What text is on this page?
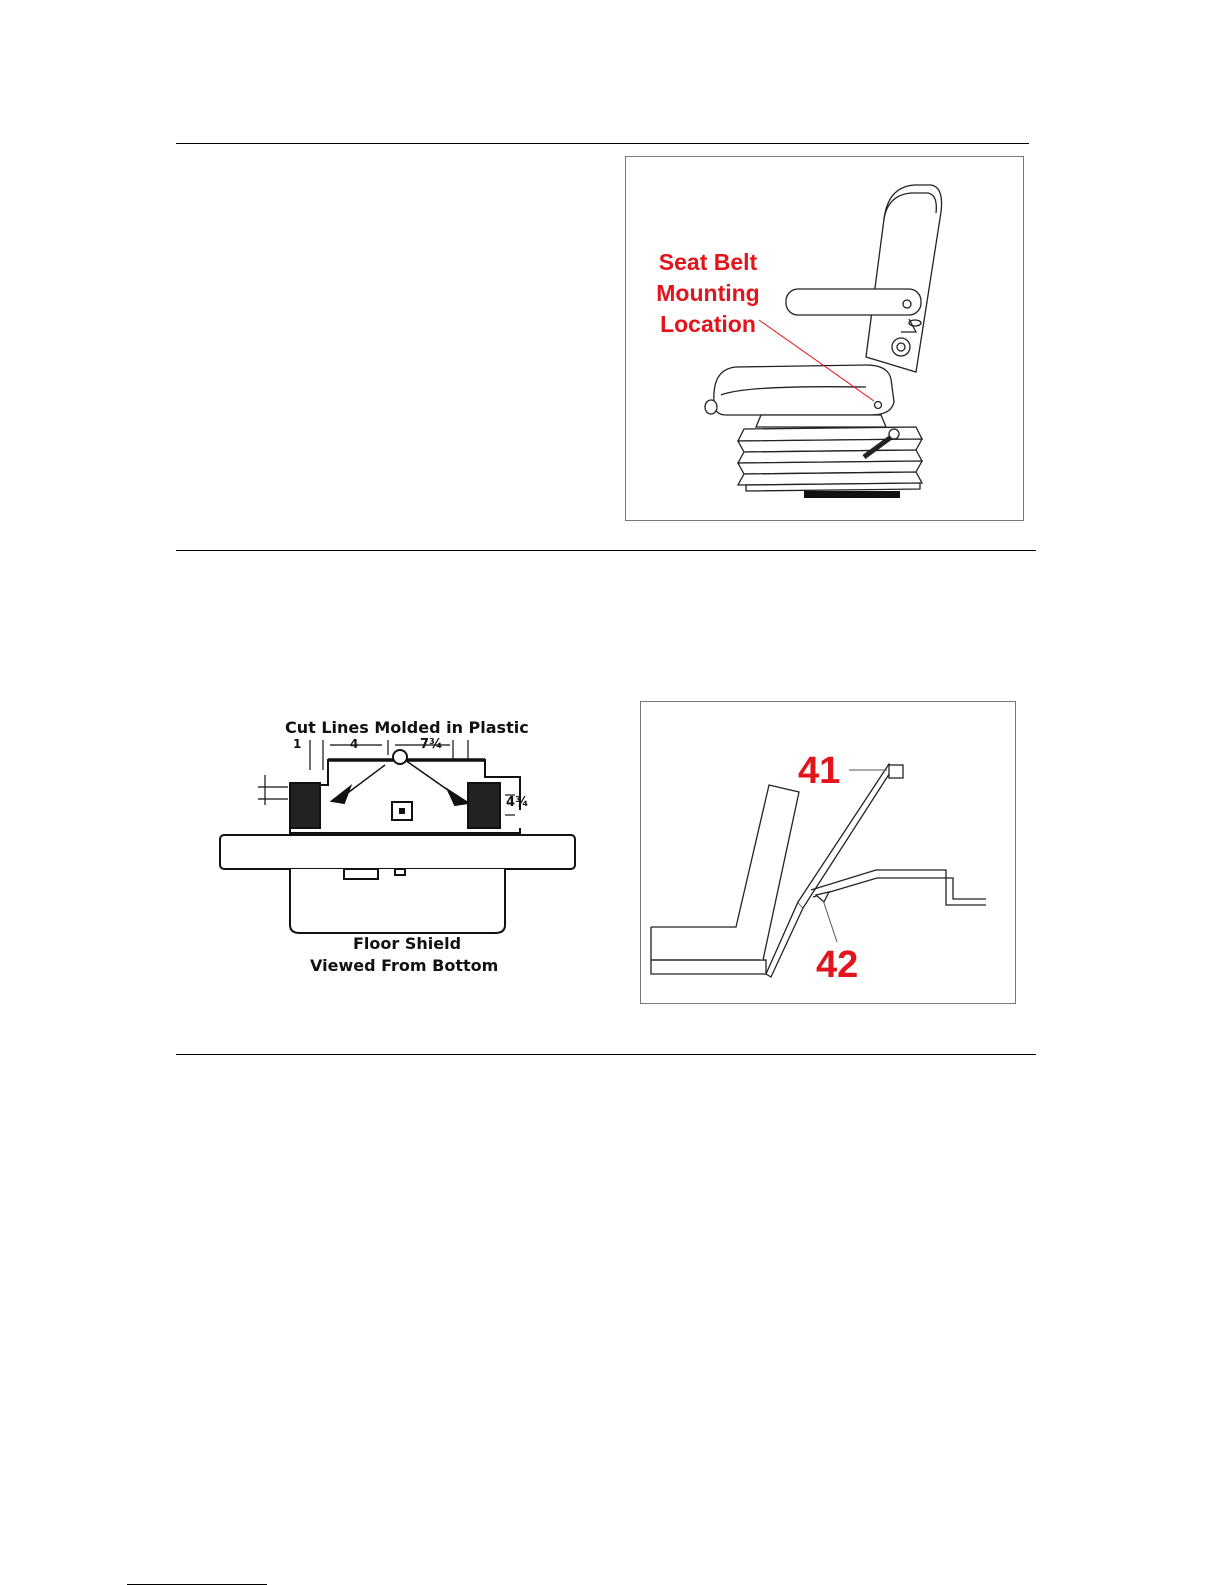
Seat Belt
Mounting
Location
Cut Lines Molded in Plastic
1	4	7¾
4¾
Floor Shield
Viewed From Bottom
41
42
